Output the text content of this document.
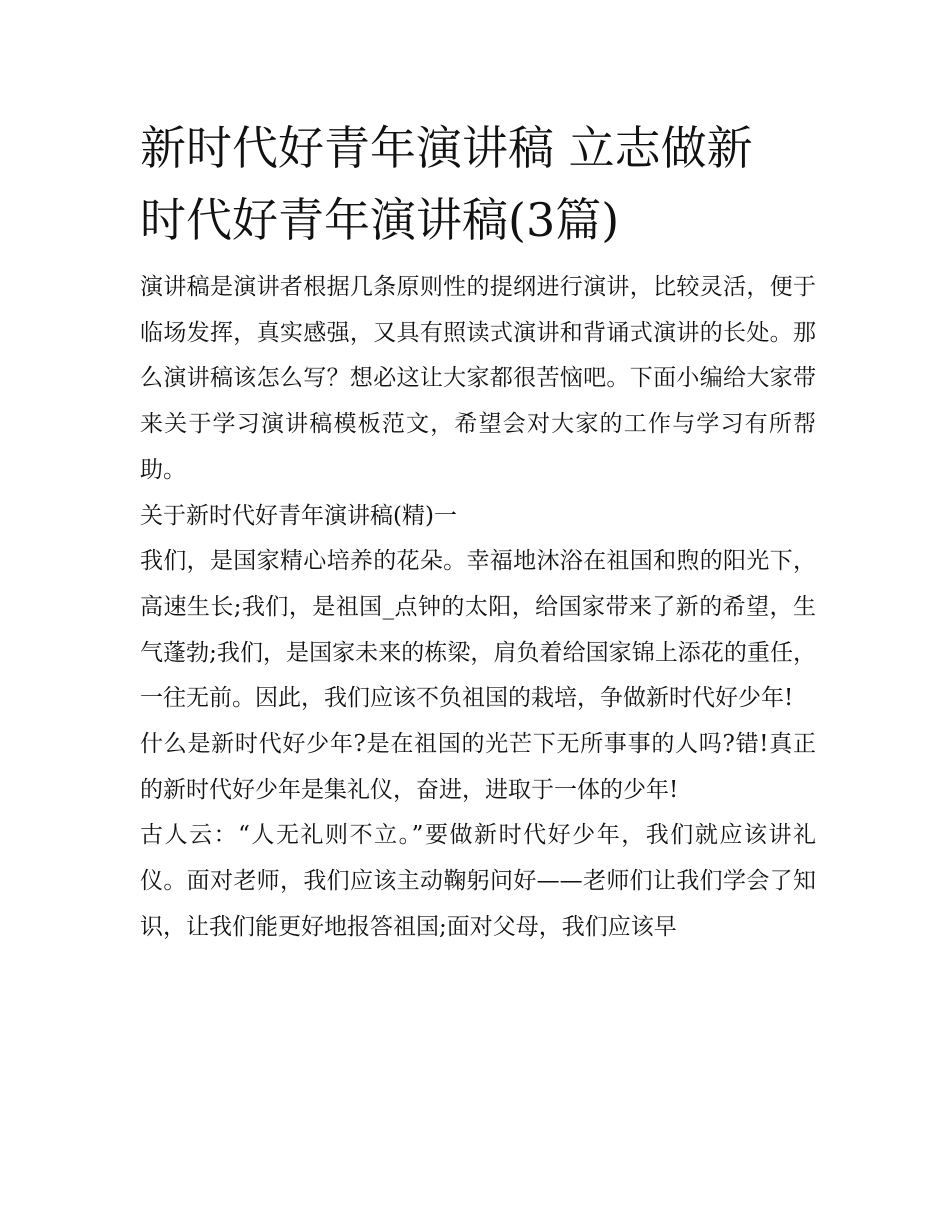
新时代好青年演讲稿 立志做新
时代好青年演讲稿(3篇)

演讲稿是演讲者根据几条原则性的提纲进行演讲，比较灵活，便于临场发挥，真实感强，又具有照读式演讲和背诵式演讲的长处。那么演讲稿该怎么写？想必这让大家都很苦恼吧。下面小编给大家带来关于学习演讲稿模板范文，希望会对大家的工作与学习有所帮助。

关于新时代好青年演讲稿(精)一

我们，是国家精心培养的花朵。幸福地沐浴在祖国和煦的阳光下，高速生长;我们，是祖国_点钟的太阳，给国家带来了新的希望，生气蓬勃;我们，是国家未来的栋梁，肩负着给国家锦上添花的重任，一往无前。因此，我们应该不负祖国的栽培，争做新时代好少年!

什么是新时代好少年?是在祖国的光芒下无所事事的人吗?错!真正的新时代好少年是集礼仪，奋进，进取于一体的少年!

古人云：“人无礼则不立。”要做新时代好少年，我们就应该讲礼仪。面对老师，我们应该主动鞠躬问好——老师们让我们学会了知识，让我们能更好地报答祖国;面对父母，我们应该早
